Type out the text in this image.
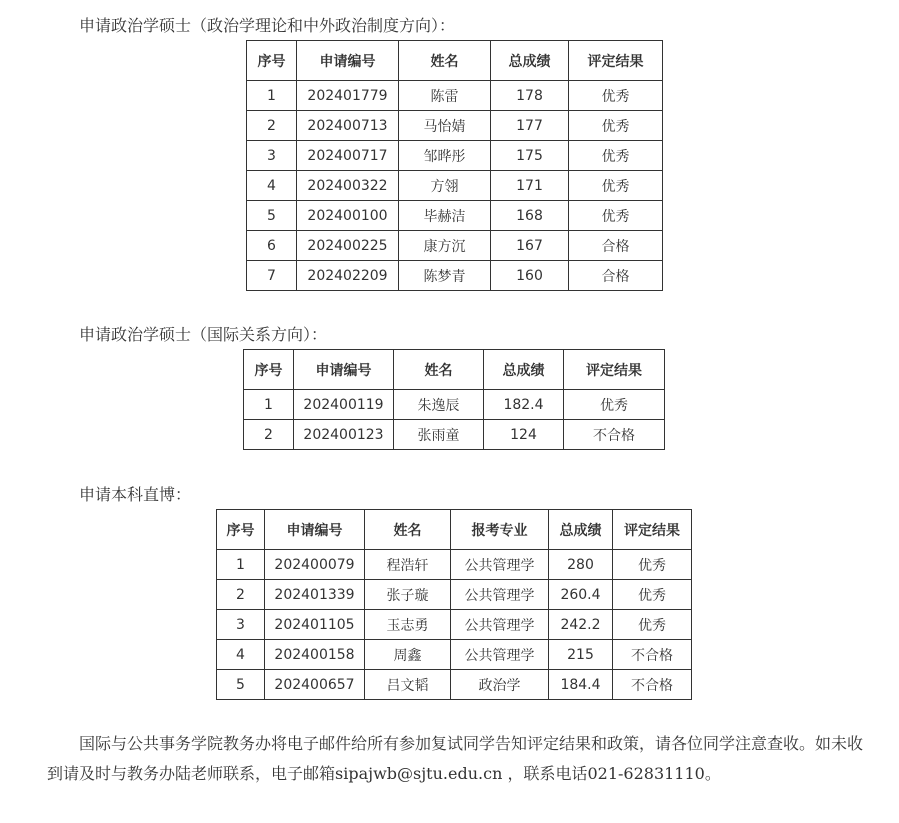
申请政治学硕士（政治学理论和中外政治制度方向）：
序号	申请编号	姓名	总成绩	评定结果
1	202401779	陈雷	178	优秀
2	202400713	马怡婧	177	优秀
3	202400717	邹晔彤	175	优秀
4	202400322	方翎	171	优秀
5	202400100	毕赫洁	168	优秀
6	202400225	康方沉	167	合格
7	202402209	陈梦青	160	合格
申请政治学硕士（国际关系方向）：
序号	申请编号	姓名	总成绩	评定结果
1	202400119	朱逸辰	182.4	优秀
2	202400123	张雨童	124	不合格
申请本科直博：
序号	申请编号	姓名	报考专业	总成绩	评定结果
1	202400079	程浩轩	公共管理学	280	优秀
2	202401339	张子璇	公共管理学	260.4	优秀
3	202401105	玉志勇	公共管理学	242.2	优秀
4	202400158	周鑫	公共管理学	215	不合格
5	202400657	吕文韬	政治学	184.4	不合格
国际与公共事务学院教务办将电子邮件给所有参加复试同学告知评定结果和政策，请各位同学注意查收。如未收到请及时与教务办陆老师联系，电子邮箱sipajwb@sjtu.edu.cn ，联系电话021-62831110。
